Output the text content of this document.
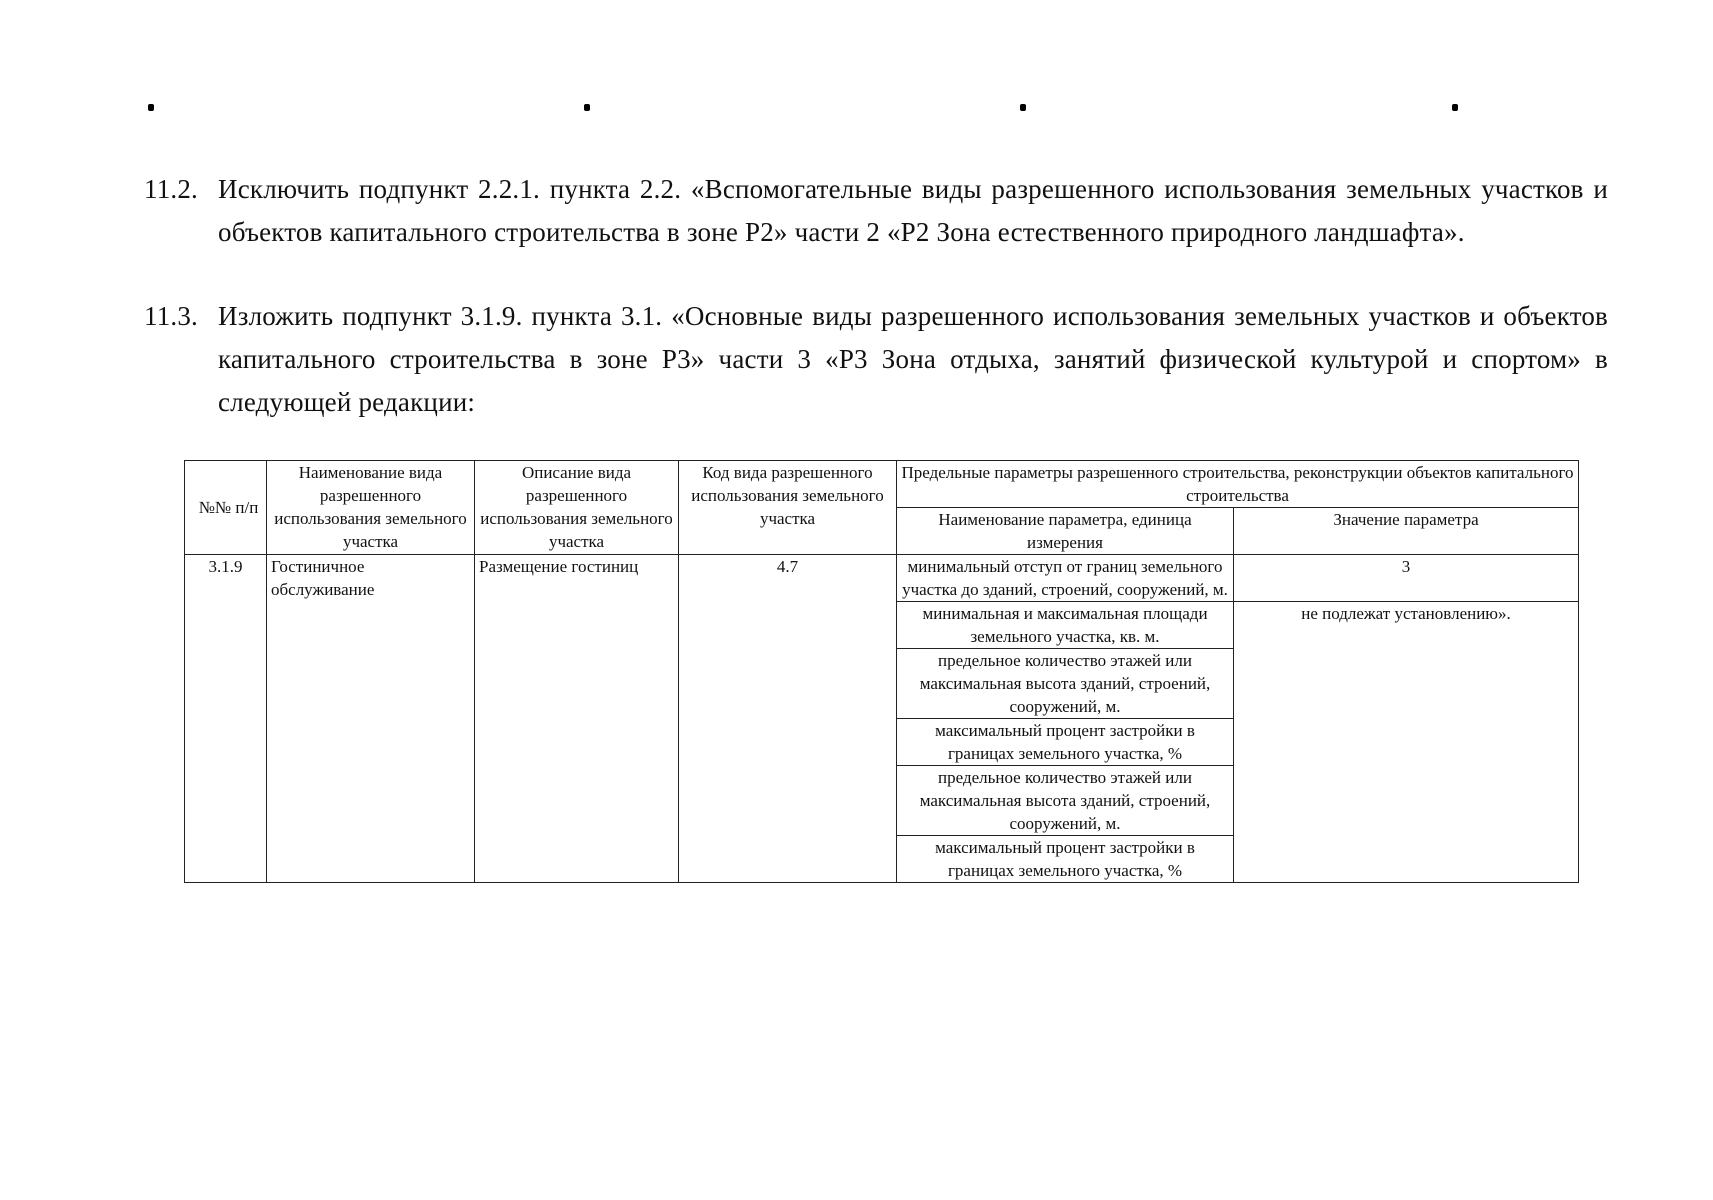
11.2. Исключить подпункт 2.2.1. пункта 2.2. «Вспомогательные виды разрешенного использования земельных участков и объектов капитального строительства в зоне Р2» части 2 «Р2 Зона естественного природного ландшафта».
11.3. Изложить подпункт 3.1.9. пункта 3.1. «Основные виды разрешенного использования земельных участков и объектов капитального строительства в зоне Р3» части 3 «Р3 Зона отдыха, занятий физической культурой и спортом» в следующей редакции:
№№ п/п	Наименование вида разрешенного использования земельного участка	Описание вида разрешенного использования земельного участка	Код вида разрешенного использования земельного участка	Предельные параметры разрешенного строительства, реконструкции объектов капитального строительства	
				Наименование параметра, единица измерения	Значение параметра
3.1.9	Гостиничное обслуживание	Размещение гостиниц	4.7	минимальный отступ от границ земельного участка до зданий, строений, сооружений, м.	3
				минимальная и максимальная площади земельного участка, кв. м.	не подлежат установлению».
				предельное количество этажей или максимальная высота зданий, строений, сооружений, м.	
				максимальный процент застройки в границах земельного участка, %	
				предельное количество этажей или максимальная высота зданий, строений, сооружений, м.	
				максимальный процент застройки в границах земельного участка, %	
